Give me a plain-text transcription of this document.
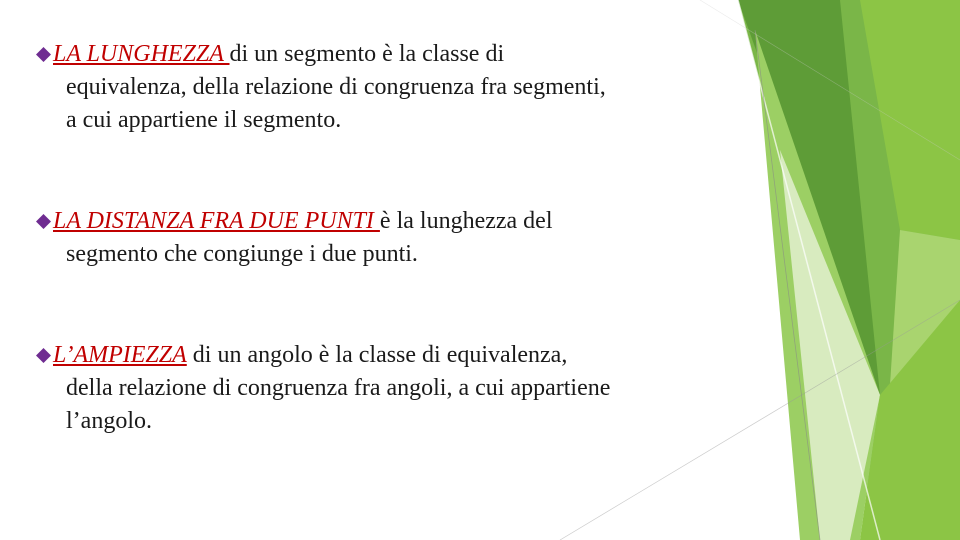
LA LUNGHEZZA di un segmento è la classe di
equivalenza, della relazione di congruenza fra segmenti,
a cui appartiene il segmento.
LA DISTANZA FRA DUE PUNTI è la lunghezza del
segmento che congiunge i due punti.
L’AMPIEZZA di un angolo è la classe di equivalenza,
della relazione di congruenza fra angoli, a cui appartiene
l’angolo.
